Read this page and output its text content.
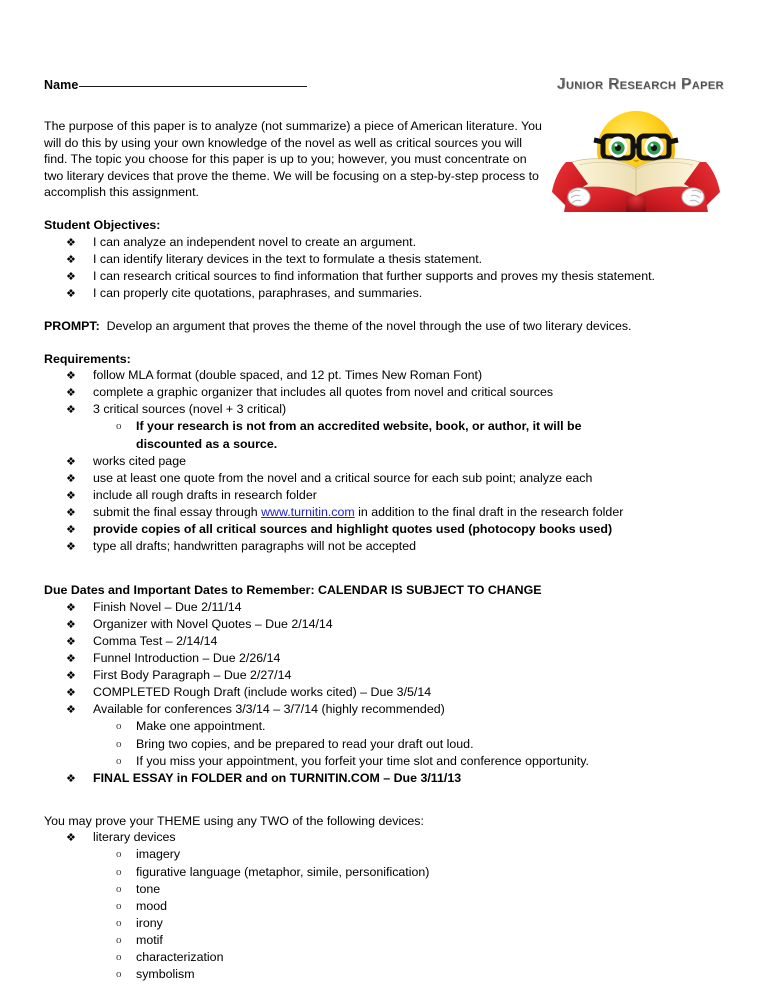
Name	Junior Research Paper

The purpose of this paper is to analyze (not summarize) a piece of American literature. You will do this by using your own knowledge of the novel as well as critical sources you will find. The topic you choose for this paper is up to you; however, you must concentrate on two literary devices that prove the theme. We will be focusing on a step-by-step process to accomplish this assignment.

Student Objectives:

❖ I can analyze an independent novel to create an argument.
❖ I can identify literary devices in the text to formulate a thesis statement.
❖ I can research critical sources to find information that further supports and proves my thesis statement.
❖ I can properly cite quotations, paraphrases, and summaries.

PROMPT: Develop an argument that proves the theme of the novel through the use of two literary devices.

Requirements:

❖ follow MLA format (double spaced, and 12 pt. Times New Roman Font)
❖ complete a graphic organizer that includes all quotes from novel and critical sources
❖ 3 critical sources (novel + 3 critical)
o If your research is not from an accredited website, book, or author, it will be discounted as a source.
❖ works cited page
❖ use at least one quote from the novel and a critical source for each sub point; analyze each
❖ include all rough drafts in research folder
❖ submit the final essay through www.turnitin.com in addition to the final draft in the research folder
❖ provide copies of all critical sources and highlight quotes used (photocopy books used)
❖ type all drafts; handwritten paragraphs will not be accepted

Due Dates and Important Dates to Remember: CALENDAR IS SUBJECT TO CHANGE

❖ Finish Novel – Due 2/11/14
❖ Organizer with Novel Quotes – Due 2/14/14
❖ Comma Test – 2/14/14
❖ Funnel Introduction – Due 2/26/14
❖ First Body Paragraph – Due 2/27/14
❖ COMPLETED Rough Draft (include works cited) – Due 3/5/14
❖ Available for conferences 3/3/14 – 3/7/14 (highly recommended)
o Make one appointment.
o Bring two copies, and be prepared to read your draft out loud.
o If you miss your appointment, you forfeit your time slot and conference opportunity.
❖ FINAL ESSAY in FOLDER and on TURNITIN.COM – Due 3/11/13

You may prove your THEME using any TWO of the following devices:

❖ literary devices
o imagery
o figurative language (metaphor, simile, personification)
o tone
o mood
o irony
o motif
o characterization
o symbolism
